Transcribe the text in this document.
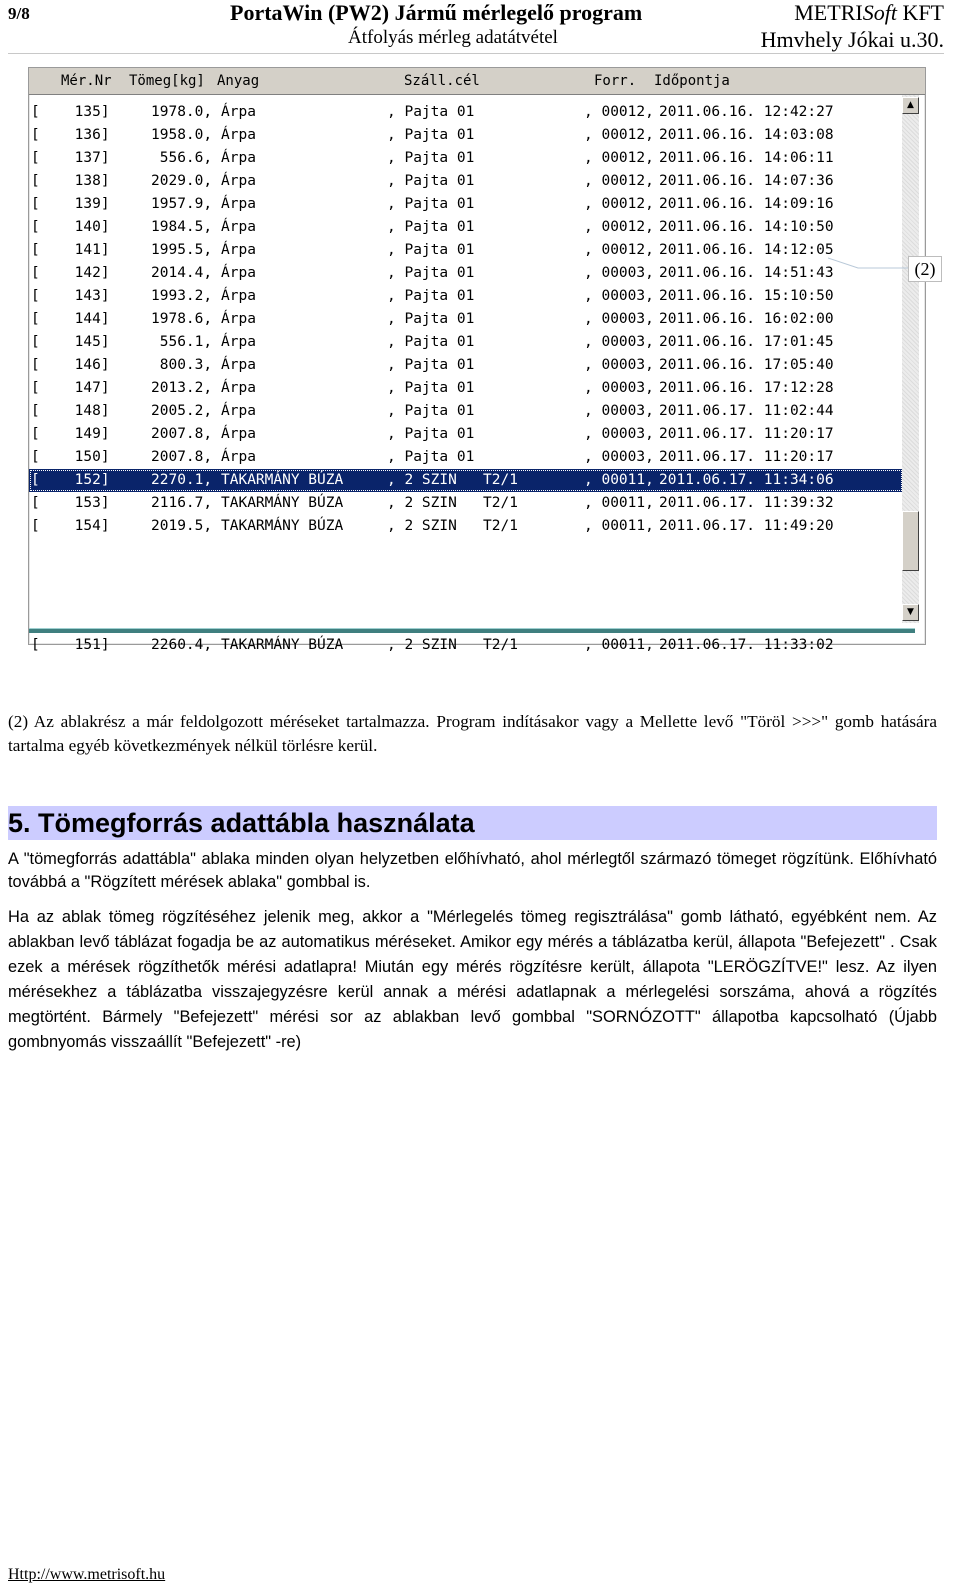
9/8	PortaWin (PW2) Jármű mérlegelő program	METRISoft KFT
Átfolyás mérleg adatátvétel	Hmvhely Jókai u.30.
Mér.Nr Tömeg[kg] Anyag	Száll.cél	Forr. Időpontja
[    135]	1978.0, Árpa	, Pajta 01	, 00012, 2011.06.16. 12:42:27
[    136]	1958.0, Árpa	, Pajta 01	, 00012, 2011.06.16. 14:03:08
[    137]	556.6, Árpa	, Pajta 01	, 00012, 2011.06.16. 14:06:11
[    138]	2029.0, Árpa	, Pajta 01	, 00012, 2011.06.16. 14:07:36
[    139]	1957.9, Árpa	, Pajta 01	, 00012, 2011.06.16. 14:09:16
[    140]	1984.5, Árpa	, Pajta 01	, 00012, 2011.06.16. 14:10:50
[    141]	1995.5, Árpa	, Pajta 01	, 00012, 2011.06.16. 14:12:05
[    142]	2014.4, Árpa	, Pajta 01	, 00003, 2011.06.16. 14:51:43
[    143]	1993.2, Árpa	, Pajta 01	, 00003, 2011.06.16. 15:10:50
[    144]	1978.6, Árpa	, Pajta 01	, 00003, 2011.06.16. 16:02:00
[    145]	556.1, Árpa	, Pajta 01	, 00003, 2011.06.16. 17:01:45
[    146]	800.3, Árpa	, Pajta 01	, 00003, 2011.06.16. 17:05:40
[    147]	2013.2, Árpa	, Pajta 01	, 00003, 2011.06.16. 17:12:28
[    148]	2005.2, Árpa	, Pajta 01	, 00003, 2011.06.17. 11:02:44
[    149]	2007.8, Árpa	, Pajta 01	, 00003, 2011.06.17. 11:20:17
[    150]	2007.8, Árpa	, Pajta 01	, 00003, 2011.06.17. 11:20:17
[    152]	2270.1, TAKARMÁNY BÚZA	, 2 SZIN   T2/1	, 00011, 2011.06.17. 11:34:06
[    153]	2116.7, TAKARMÁNY BÚZA	, 2 SZIN   T2/1	, 00011, 2011.06.17. 11:39:32
[    154]	2019.5, TAKARMÁNY BÚZA	, 2 SZIN   T2/1	, 00011, 2011.06.17. 11:49:20
▲
▼
[    151]	2260.4, TAKARMÁNY BÚZA	, 2 SZIN   T2/1	, 00011, 2011.06.17. 11:33:02
(2)
(2) Az ablakrész a már feldolgozott méréseket tartalmazza. Program indításakor vagy a Mellette levő "Töröl >>>" gomb hatására tartalma egyéb következmények nélkül törlésre kerül.
5. Tömegforrás adattábla használata
A "tömegforrás adattábla" ablaka minden olyan helyzetben előhívható, ahol mérlegtől származó tömeget rögzítünk. Előhívható továbbá a "Rögzített mérések ablaka" gombbal is.
Ha az ablak tömeg rögzítéséhez jelenik meg, akkor a "Mérlegelés tömeg regisztrálása" gomb látható, egyébként nem. Az ablakban levő táblázat fogadja be az automatikus méréseket. Amikor egy mérés a táblázatba kerül, állapota "Befejezett" . Csak ezek a mérések rögzíthetők mérési adatlapra! Miután egy mérés rögzítésre került, állapota "LERÖGZÍTVE!" lesz. Az ilyen mérésekhez a táblázatba visszajegyzésre kerül annak a mérési adatlapnak a mérlegelési sorszáma, ahová a rögzítés megtörtént. Bármely "Befejezett" mérési sor az ablakban levő gombbal "SORNÓZOTT" állapotba kapcsolható (Újabb gombnyomás visszaállít "Befejezett" -re)
Http://www.metrisoft.hu
